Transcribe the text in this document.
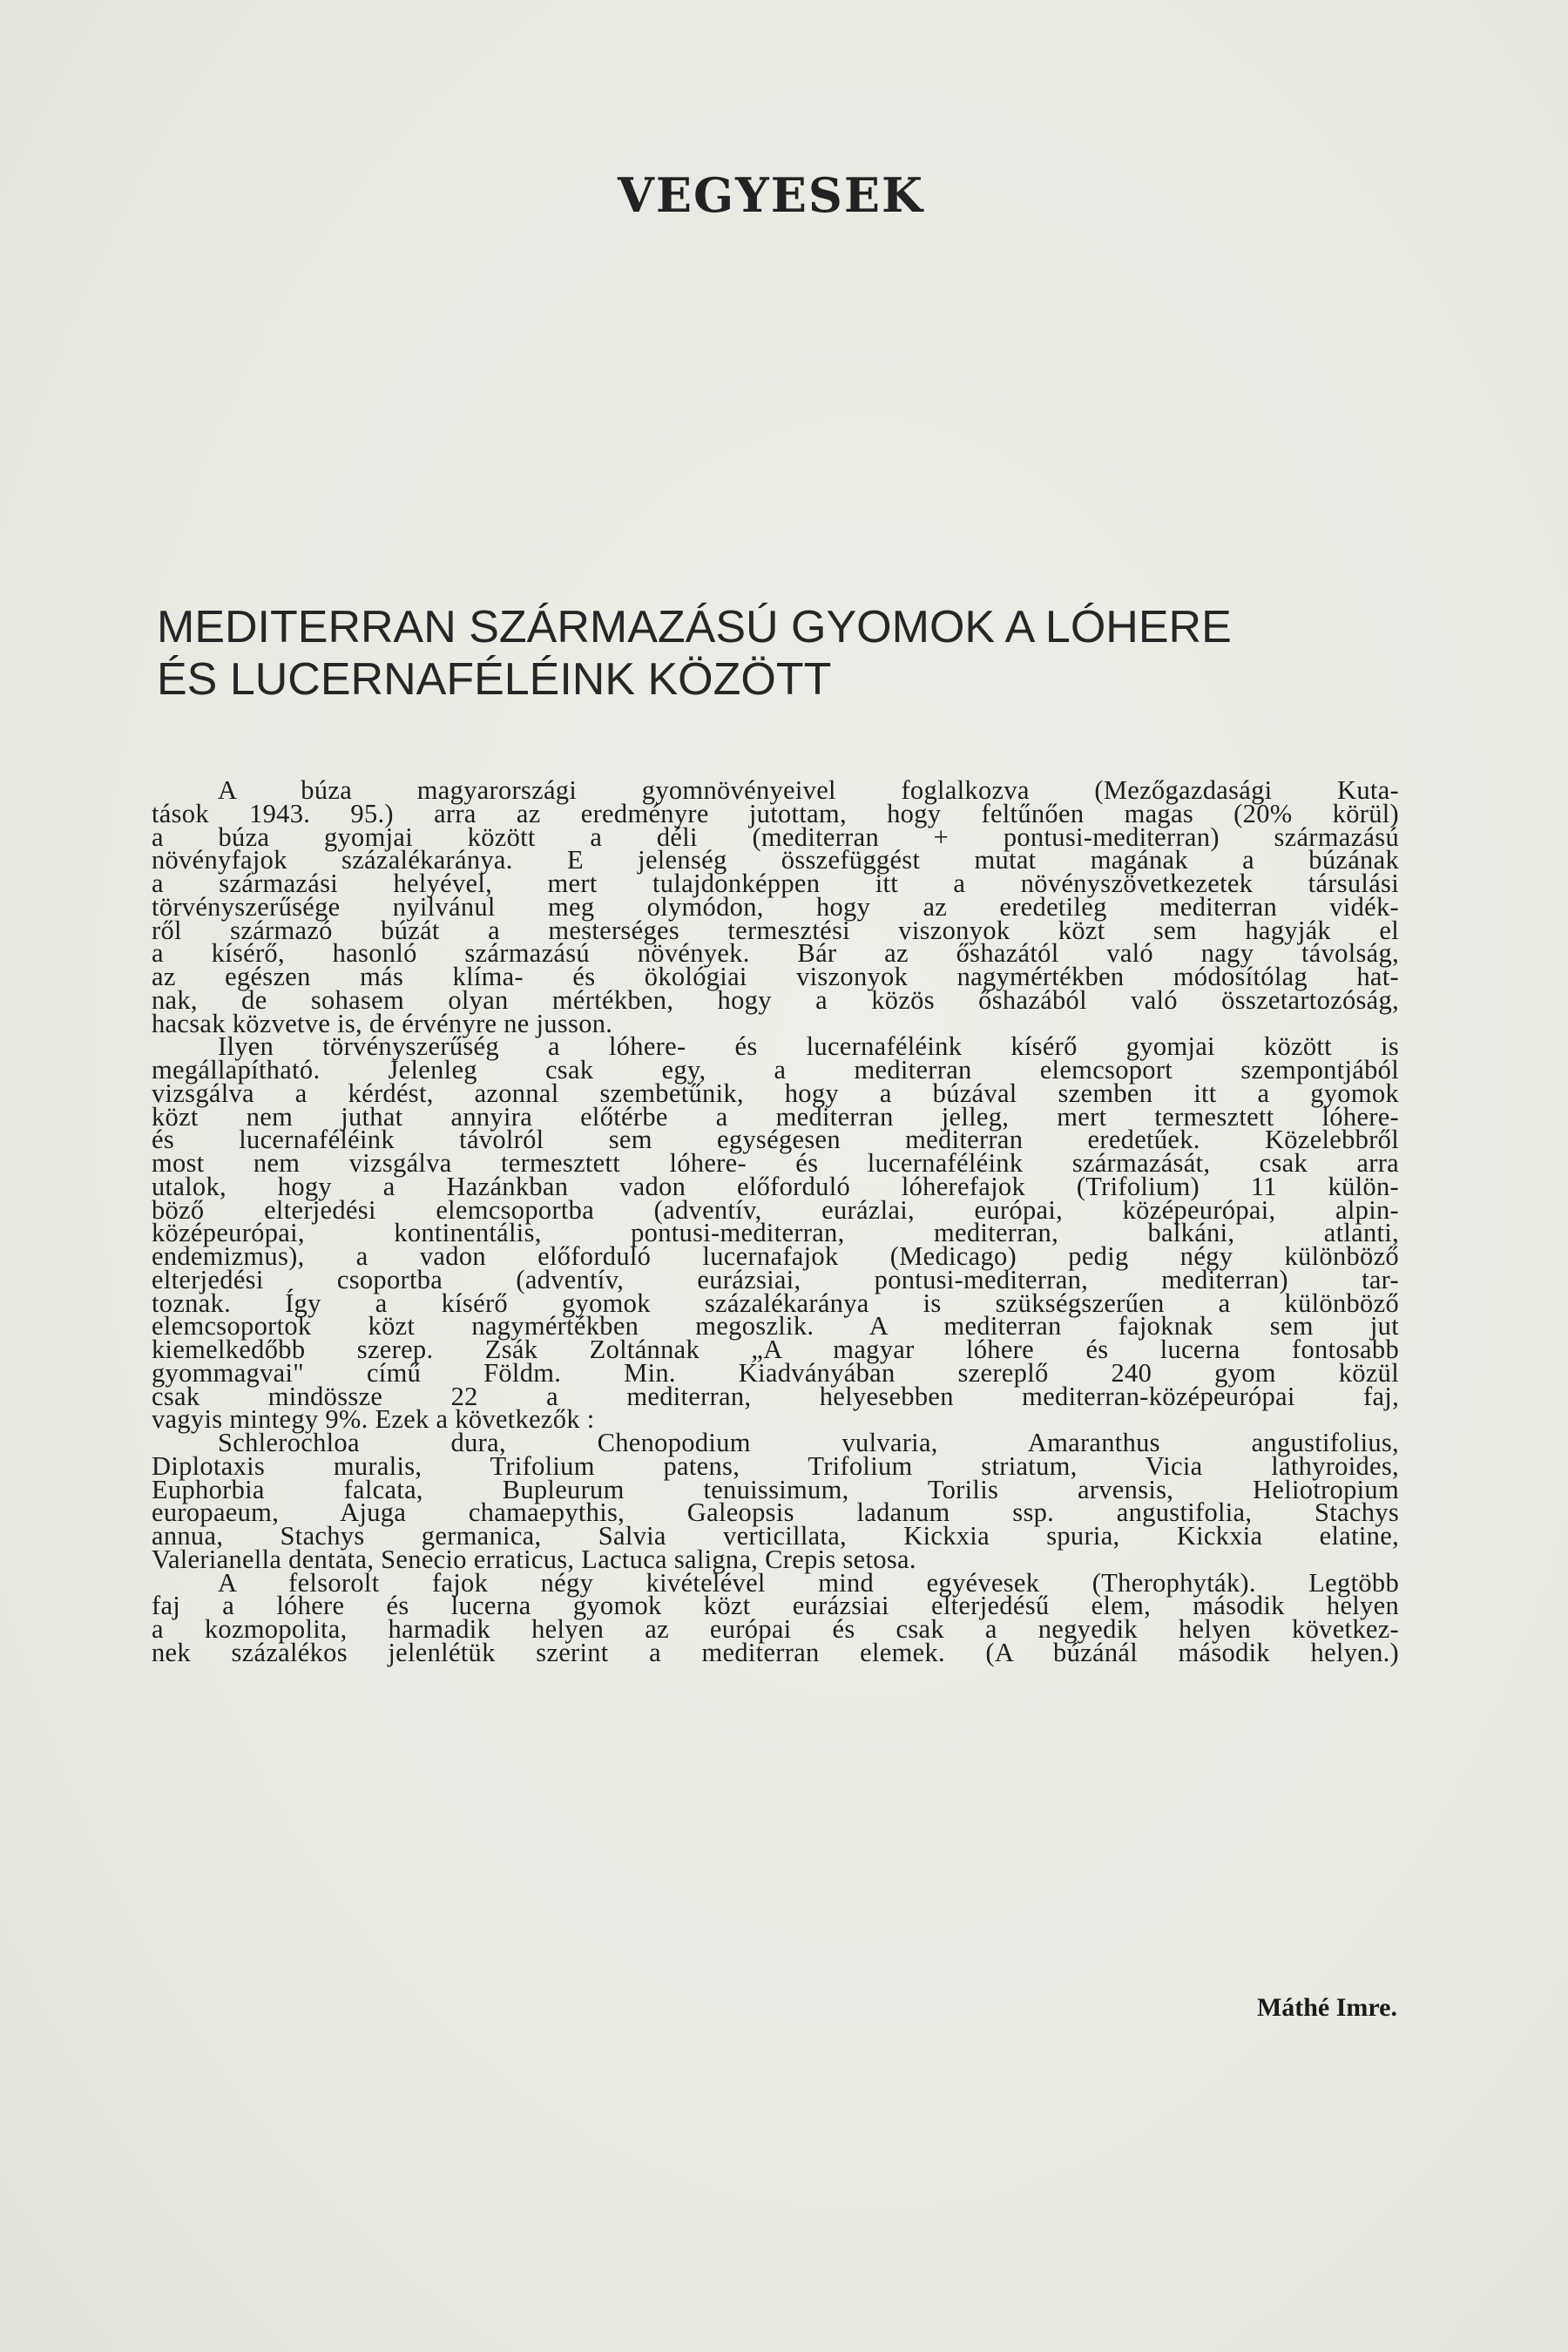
VEGYESEK
MEDITERRAN SZÁRMAZÁSÚ GYOMOK A LÓHERE
ÉS LUCERNAFÉLÉINK KÖZÖTT
A búza magyarországi gyomnövényeivel foglalkozva (Mezőgazdasági Kuta-
tások 1943. 95.) arra az eredményre jutottam, hogy feltűnően magas (20% körül)
a búza gyomjai között a déli (mediterran + pontusi-mediterran) származású
növényfajok százalékaránya. E jelenség összefüggést mutat magának a búzának
a származási helyével, mert tulajdonképpen itt a növényszövetkezetek társulási
törvényszerűsége nyilvánul meg olymódon, hogy az eredetileg mediterran vidék-
ről származó búzát a mesterséges termesztési viszonyok közt sem hagyják el
a kísérő, hasonló származású növények. Bár az őshazától való nagy távolság,
az egészen más klíma- és ökológiai viszonyok nagymértékben módosítólag hat-
nak, de sohasem olyan mértékben, hogy a közös őshazából való összetartozóság,
hacsak közvetve is, de érvényre ne jusson.
Ilyen törvényszerűség a lóhere- és lucernaféléink kísérő gyomjai között is
megállapítható. Jelenleg csak egy, a mediterran elemcsoport szempontjából
vizsgálva a kérdést, azonnal szembetűnik, hogy a búzával szemben itt a gyomok
közt nem juthat annyira előtérbe a mediterran jelleg, mert termesztett lóhere-
és lucernaféléink távolról sem egységesen mediterran eredetűek. Közelebbről
most nem vizsgálva termesztett lóhere- és lucernaféléink származását, csak arra
utalok, hogy a Hazánkban vadon előforduló lóherefajok (Trifolium) 11 külön-
böző elterjedési elemcsoportba (adventív, eurázlai, európai, középeurópai, alpin-
középeurópai, kontinentális, pontusi-mediterran, mediterran, balkáni, atlanti,
endemizmus), a vadon előforduló lucernafajok (Medicago) pedig négy különböző
elterjedési csoportba (adventív, eurázsiai, pontusi-mediterran, mediterran) tar-
toznak. Így a kísérő gyomok százalékaránya is szükségszerűen a különböző
elemcsoportok közt nagymértékben megoszlik. A mediterran fajoknak sem jut
kiemelkedőbb szerep. Zsák Zoltánnak „A magyar lóhere és lucerna fontosabb
gyommagvai" című Földm. Min. Kiadványában szereplő 240 gyom közül
csak mindössze 22 a mediterran, helyesebben mediterran-középeurópai faj,
vagyis mintegy 9%. Ezek a következők :
Schlerochloa dura, Chenopodium vulvaria, Amaranthus angustifolius,
Diplotaxis muralis, Trifolium patens, Trifolium striatum, Vicia lathyroides,
Euphorbia falcata, Bupleurum tenuissimum, Torilis arvensis, Heliotropium
europaeum, Ajuga chamaepythis, Galeopsis ladanum ssp. angustifolia, Stachys
annua, Stachys germanica, Salvia verticillata, Kickxia spuria, Kickxia elatine,
Valerianella dentata, Senecio erraticus, Lactuca saligna, Crepis setosa.
A felsorolt fajok négy kivételével mind egyévesek (Therophyták). Legtöbb
faj a lóhere és lucerna gyomok közt eurázsiai elterjedésű elem, második helyen
a kozmopolita, harmadik helyen az európai és csak a negyedik helyen következ-
nek százalékos jelenlétük szerint a mediterran elemek. (A búzánál második helyen.)
Máthé Imre.
